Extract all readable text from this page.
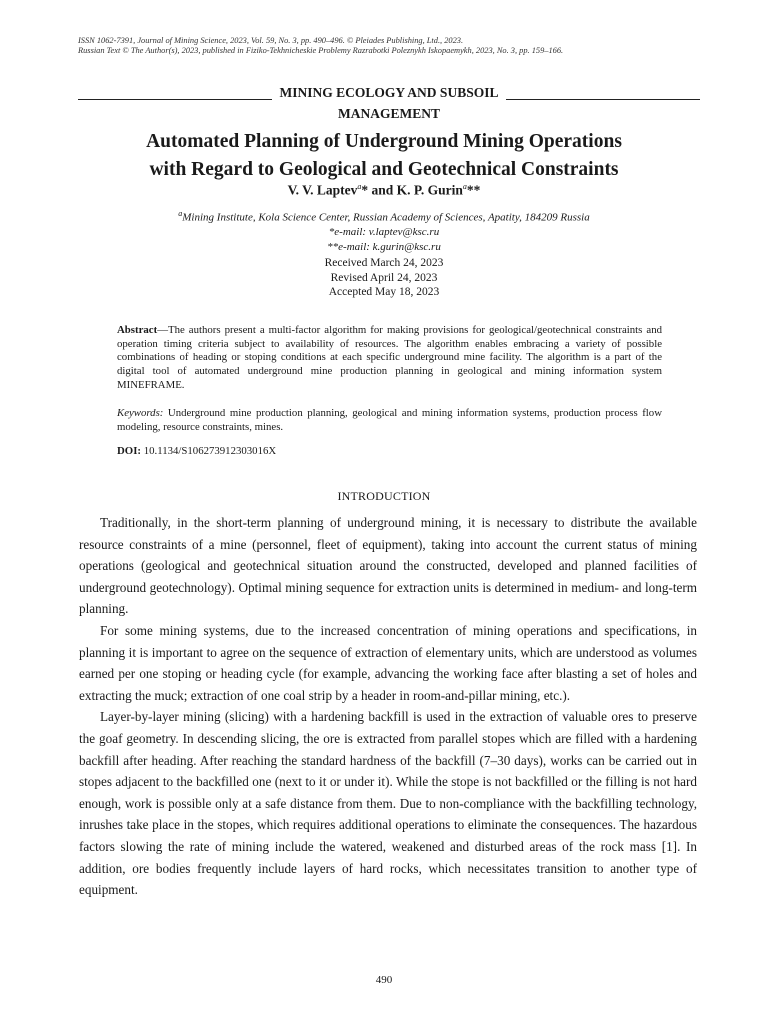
ISSN 1062-7391, Journal of Mining Science, 2023, Vol. 59, No. 3, pp. 490–496. © Pleiades Publishing, Ltd., 2023.
Russian Text © The Author(s), 2023, published in Fiziko-Tekhnicheskie Problemy Razrabotki Poleznykh Iskopaemykh, 2023, No. 3, pp. 159–166.
MINING ECOLOGY AND SUBSOIL
MANAGEMENT
Automated Planning of Underground Mining Operations
with Regard to Geological and Geotechnical Constraints
V. V. Laptev$^a$* and K. P. Gurin$^a$**
$^a$Mining Institute, Kola Science Center, Russian Academy of Sciences, Apatity, 184209 Russia
*e-mail: v.laptev@ksc.ru
**e-mail: k.gurin@ksc.ru
Received March 24, 2023
Revised April 24, 2023
Accepted May 18, 2023
Abstract—The authors present a multi-factor algorithm for making provisions for geological/geotechnical constraints and operation timing criteria subject to availability of resources. The algorithm enables embracing a variety of possible combinations of heading or stoping conditions at each specific underground mine facility. The algorithm is a part of the digital tool of automated underground mine production planning in geological and mining information system MINEFRAME.
Keywords: Underground mine production planning, geological and mining information systems, production process flow modeling, resource constraints, mines.
DOI: 10.1134/S106273912303016X
INTRODUCTION

Traditionally, in the short-term planning of underground mining, it is necessary to distribute the available resource constraints of a mine (personnel, fleet of equipment), taking into account the current status of mining operations (geological and geotechnical situation around the constructed, developed and planned facilities of underground geotechnology). Optimal mining sequence for extraction units is determined in medium- and long-term planning.

For some mining systems, due to the increased concentration of mining operations and specifications, in planning it is important to agree on the sequence of extraction of elementary units, which are understood as volumes earned per one stoping or heading cycle (for example, advancing the working face after blasting a set of holes and extracting the muck; extraction of one coal strip by a header in room-and-pillar mining, etc.).

Layer-by-layer mining (slicing) with a hardening backfill is used in the extraction of valuable ores to preserve the goaf geometry. In descending slicing, the ore is extracted from parallel stopes which are filled with a hardening backfill after heading. After reaching the standard hardness of the backfill (7–30 days), works can be carried out in stopes adjacent to the backfilled one (next to it or under it). While the stope is not backfilled or the filling is not hard enough, work is possible only at a safe distance from them. Due to non-compliance with the backfilling technology, inrushes take place in the stopes, which requires additional operations to eliminate the consequences. The hazardous factors slowing the rate of mining include the watered, weakened and disturbed areas of the rock mass [1]. In addition, ore bodies frequently include layers of hard rocks, which necessitates transition to another type of equipment.

490
